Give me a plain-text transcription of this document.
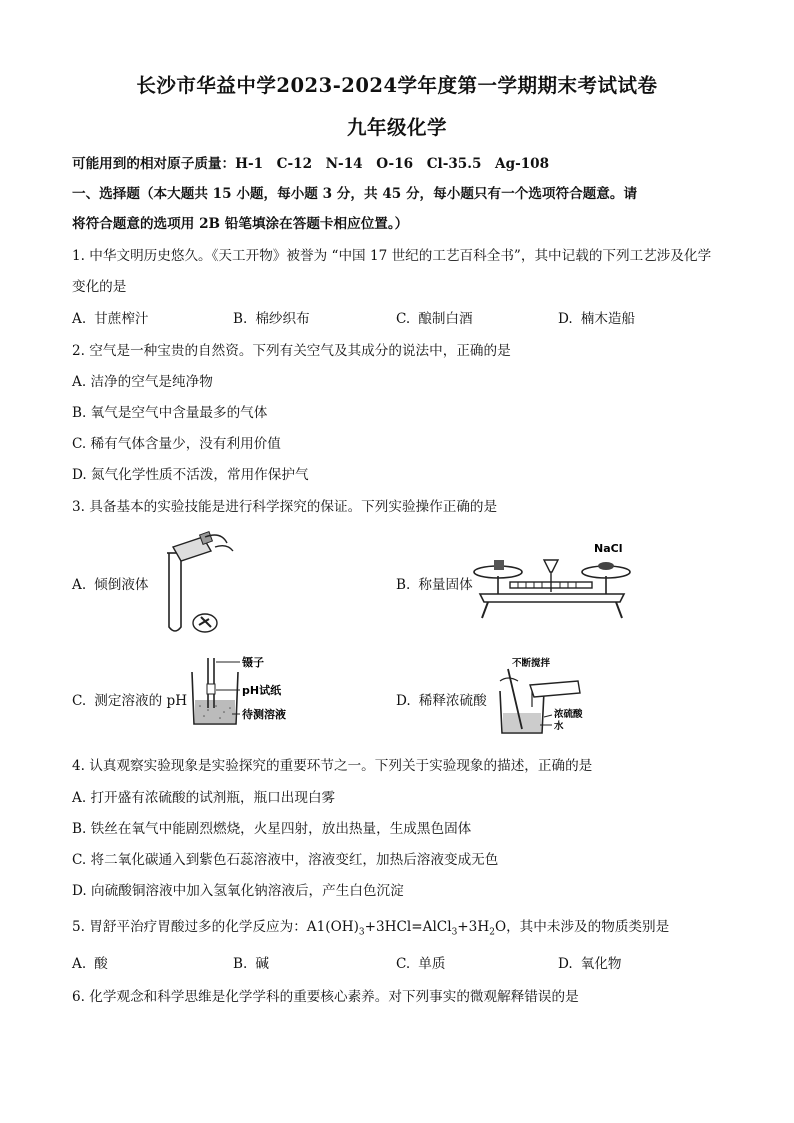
长沙市华益中学2023-2024学年度第一学期期末考试试卷
九年级化学
可能用到的相对原子质量：H-1　C-12　N-14　O-16　Cl-35.5　Ag-108
一、选择题（本大题共 15 小题，每小题 3 分，共 45 分，每小题只有一个选项符合题意。请
将符合题意的选项用 2B 铅笔填涂在答题卡相应位置。）
1. 中华文明历史悠久。《天工开物》被誉为 “中国 17 世纪的工艺百科全书”，其中记载的下列工艺涉及化学
变化的是
A. 甘蔗榨汁	B. 棉纱织布	C. 酿制白酒	D. 楠木造船
2. 空气是一种宝贵的自然资。下列有关空气及其成分的说法中，正确的是
A. 洁净的空气是纯净物
B. 氧气是空气中含量最多的气体
C. 稀有气体含量少，没有利用价值
D. 氮气化学性质不活泼，常用作保护气
3. 具备基本的实验技能是进行科学探究的保证。下列实验操作正确的是
A. 倾倒液体	B. 称量固体
NaCl
C. 测定溶液的 pH
镊子
pH试纸
待测溶液
D. 稀释浓硫酸
不断搅拌
浓硫酸
水
4. 认真观察实验现象是实验探究的重要环节之一。下列关于实验现象的描述，正确的是
A. 打开盛有浓硫酸的试剂瓶，瓶口出现白雾
B. 铁丝在氧气中能剧烈燃烧，火星四射，放出热量，生成黑色固体
C. 将二氧化碳通入到紫色石蕊溶液中，溶液变红，加热后溶液变成无色
D. 向硫酸铜溶液中加入氢氧化钠溶液后，产生白色沉淀
5. 胃舒平治疗胃酸过多的化学反应为：$A1(OH)_3+3HCl=AlCl_3+3H_2O$，其中未涉及的物质类别是
A. 酸	B. 碱	C. 单质	D. 氧化物
6. 化学观念和科学思维是化学学科的重要核心素养。对下列事实的微观解释错误的是
